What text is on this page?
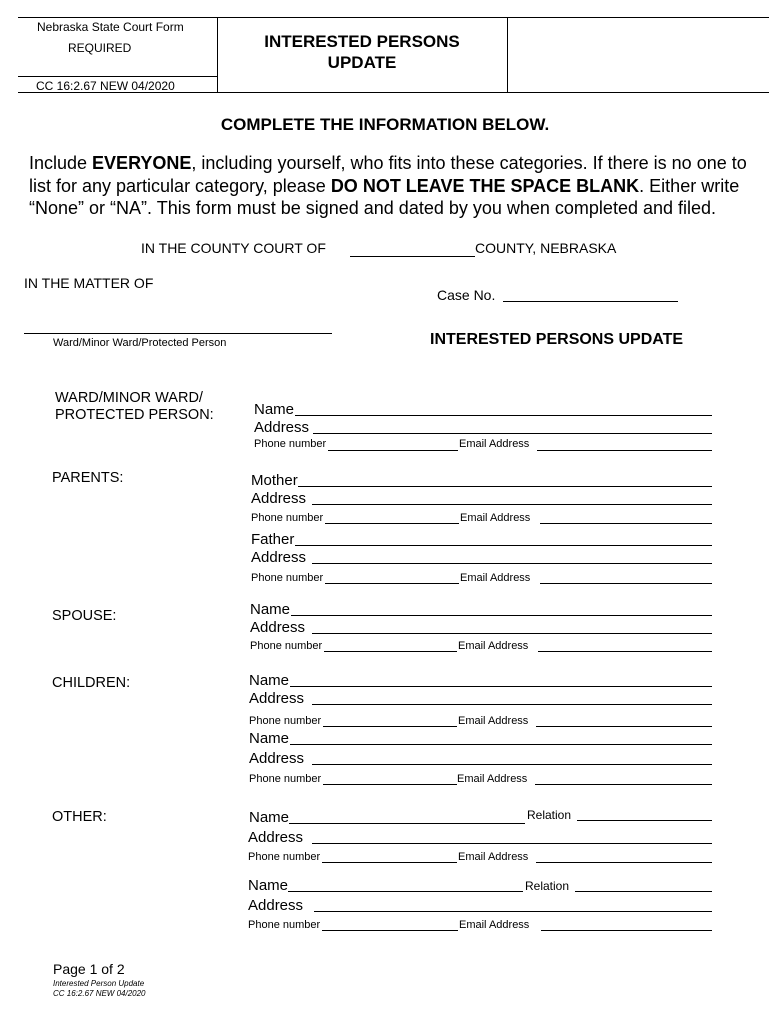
Nebraska State Court Form
REQUIRED
CC 16:2.67 NEW 04/2020
INTERESTED PERSONS
UPDATE
COMPLETE THE INFORMATION BELOW.
Include EVERYONE, including yourself, who fits into these categories. If there is no one to
list for any particular category, please DO NOT LEAVE THE SPACE BLANK. Either write
“None” or “NA”. This form must be signed and dated by you when completed and filed.
IN THE COUNTY COURT OF	COUNTY, NEBRASKA
IN THE MATTER OF
Case No.
Ward/Minor Ward/Protected Person	INTERESTED PERSONS UPDATE
WARD/MINOR WARD/
PROTECTED PERSON:	Name
Address
Phone number	Email Address
PARENTS:	Mother
Address
Phone number	Email Address
Father
Address
Phone number	Email Address
SPOUSE:	Name
Address
Phone number	Email Address
CHILDREN:	Name
Address
Phone number	Email Address
Name
Address
Phone number	Email Address
OTHER:	Name	Relation
Address
Phone number	Email Address
Name	Relation
Address
Phone number	Email Address
Page 1 of 2
Interested Person Update
CC 16:2.67 NEW 04/2020
